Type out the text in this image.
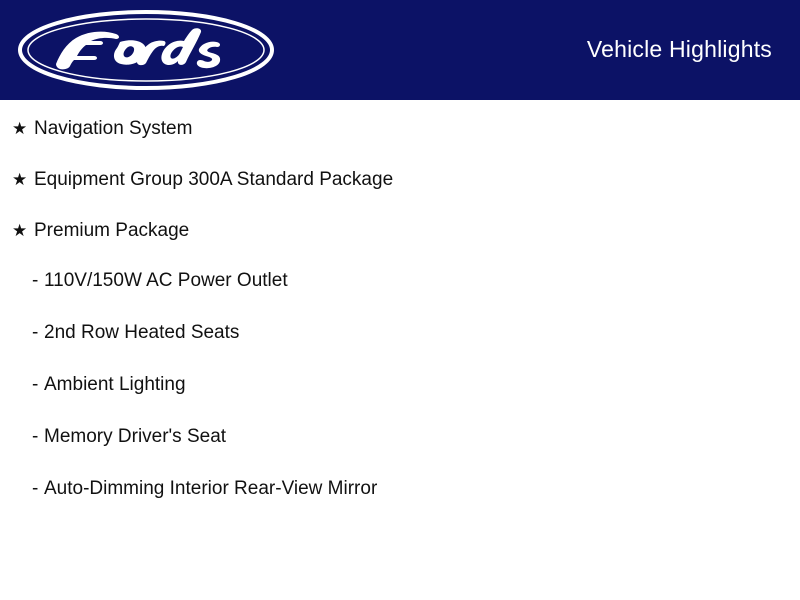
Vehicle Highlights
★ Navigation System
★ Equipment Group 300A Standard Package
★ Premium Package
- 110V/150W AC Power Outlet
- 2nd Row Heated Seats
- Ambient Lighting
- Memory Driver's Seat
- Auto-Dimming Interior Rear-View Mirror
